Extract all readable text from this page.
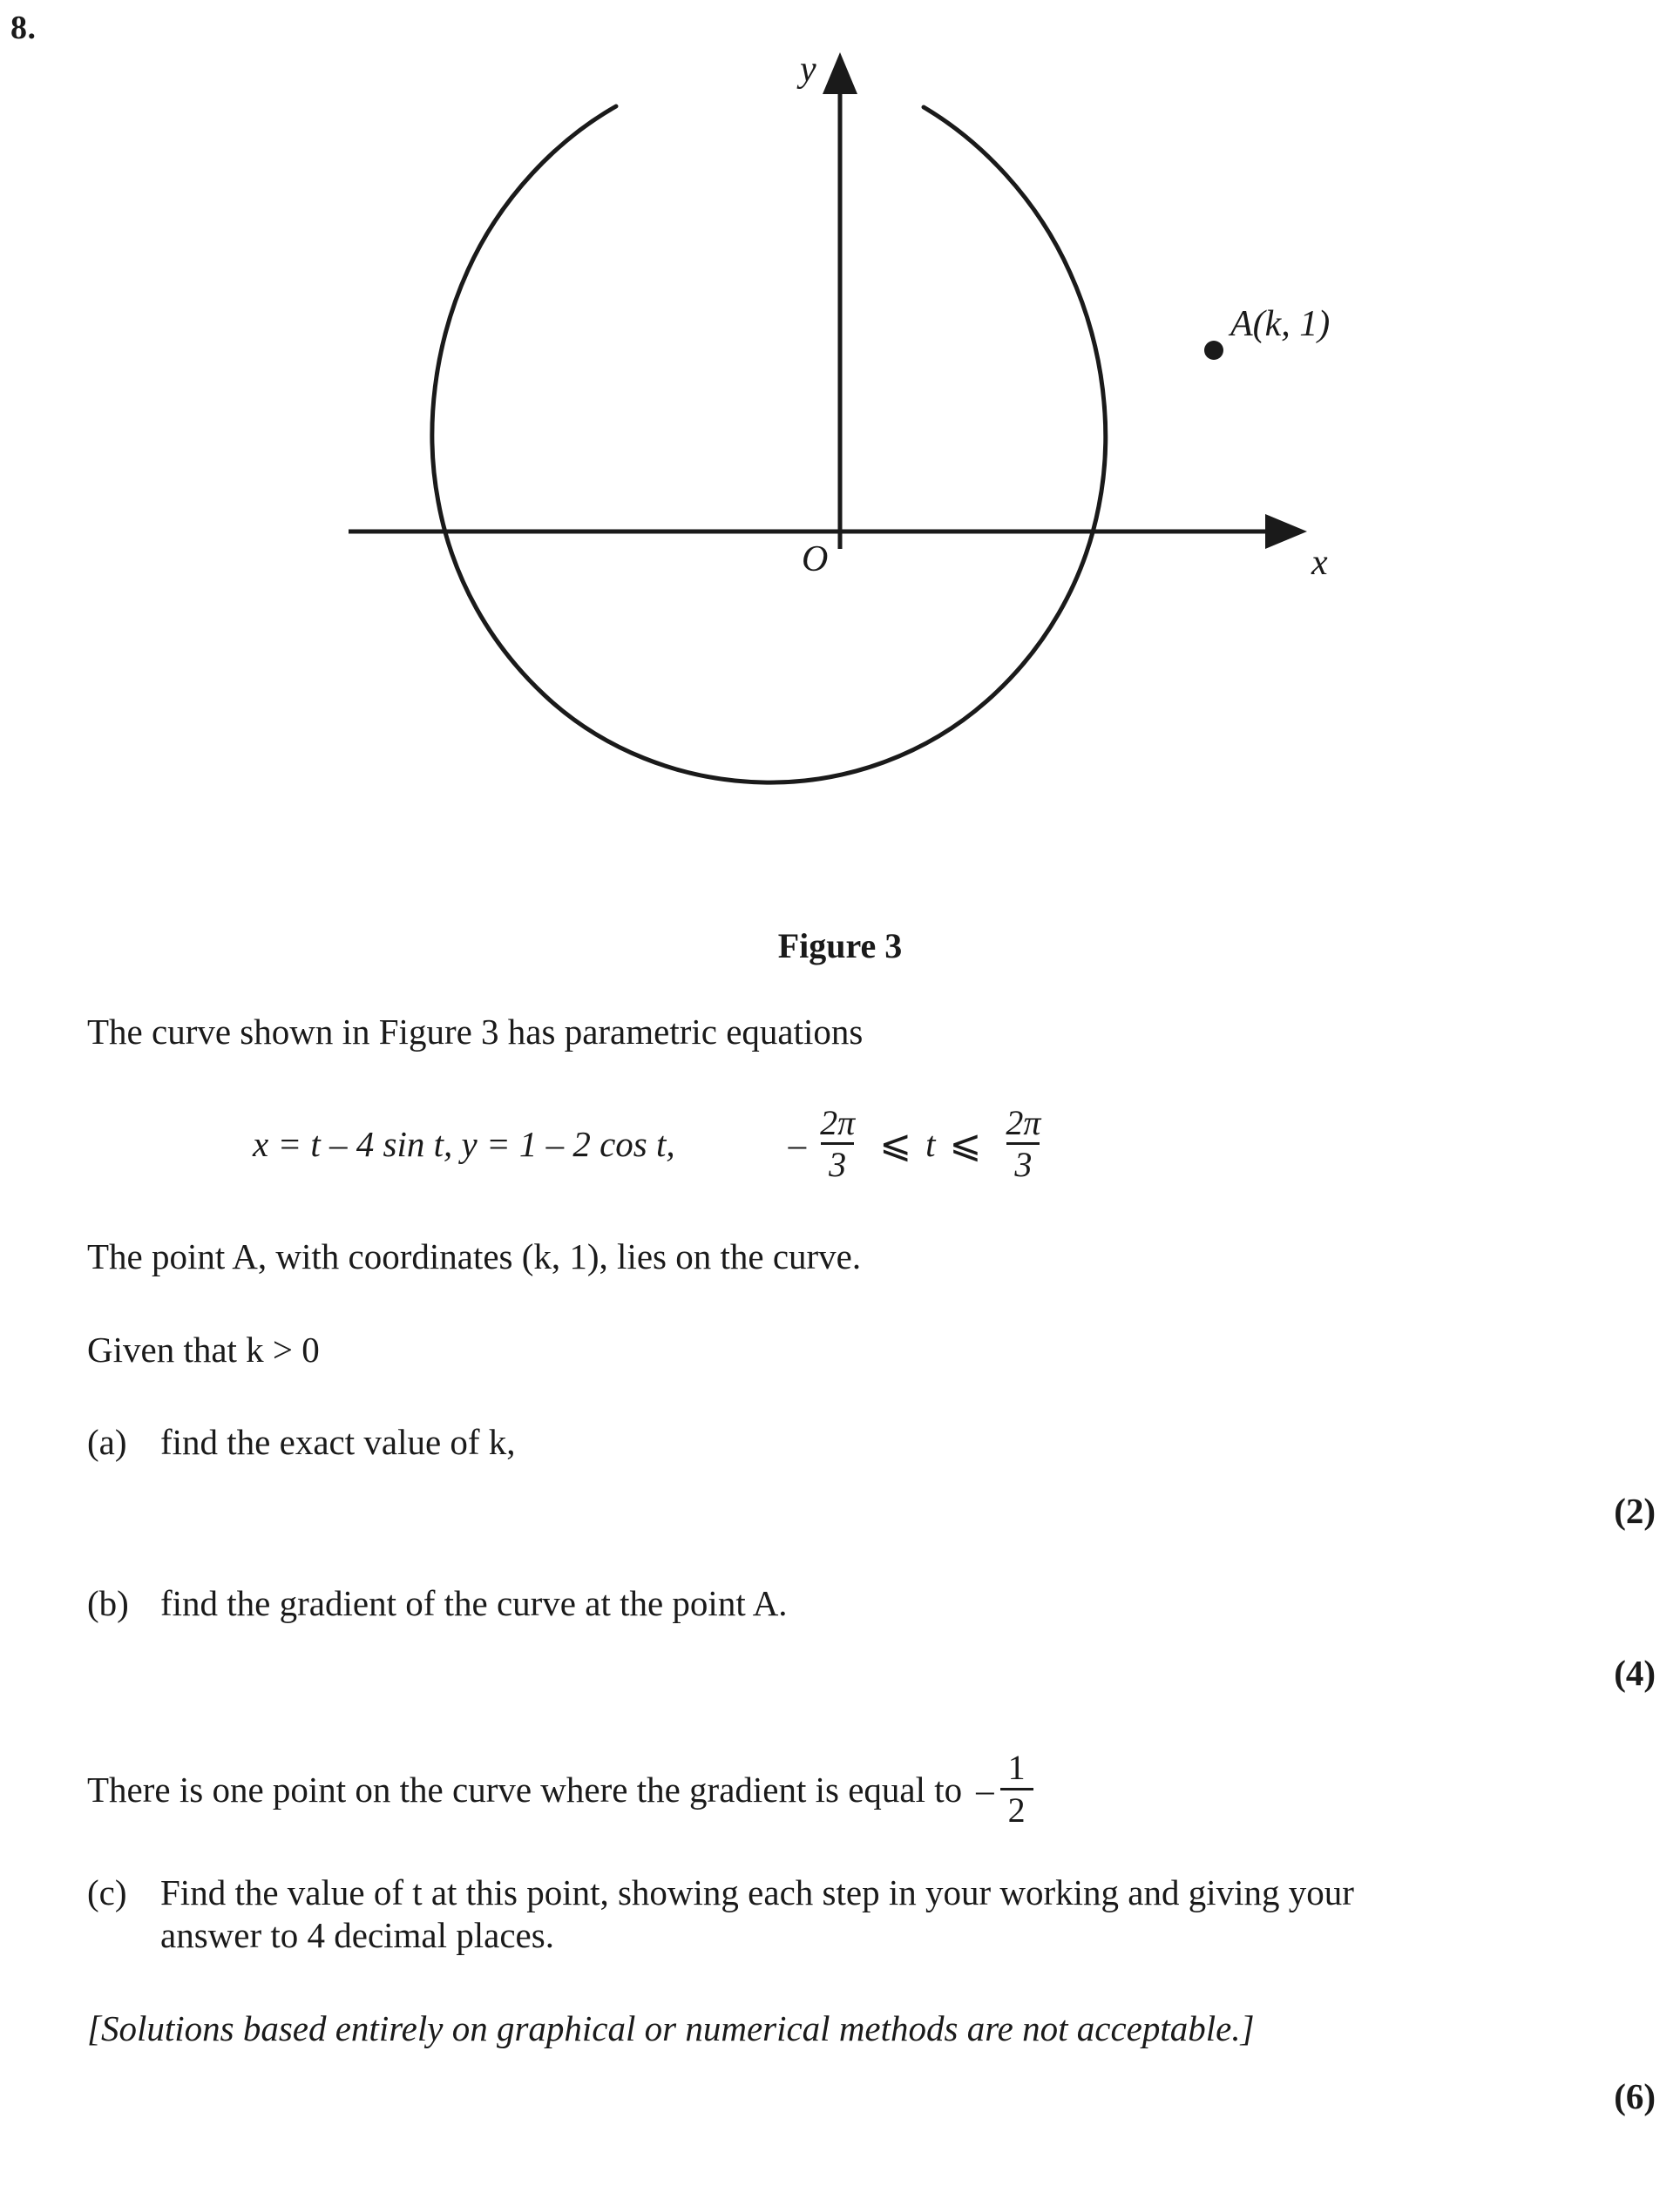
8.
y
x
O
A(k, 1)
Figure 3

The curve shown in Figure 3 has parametric equations

x = t – 4 sin t, y = 1 – 2 cos t,	– $\frac{2\pi}{3}$ ⩽ t ⩽ $\frac{2\pi}{3}$

The point A, with coordinates (k, 1), lies on the curve.

Given that k > 0

(a) find the exact value of k,
(2)
(b) find the gradient of the curve at the point A.
(4)
There is one point on the curve where the gradient is equal to – $\frac{1}{2}$
(c) Find the value of t at this point, showing each step in your working and giving your
answer to 4 decimal places.

[Solutions based entirely on graphical or numerical methods are not acceptable.]

(6)
